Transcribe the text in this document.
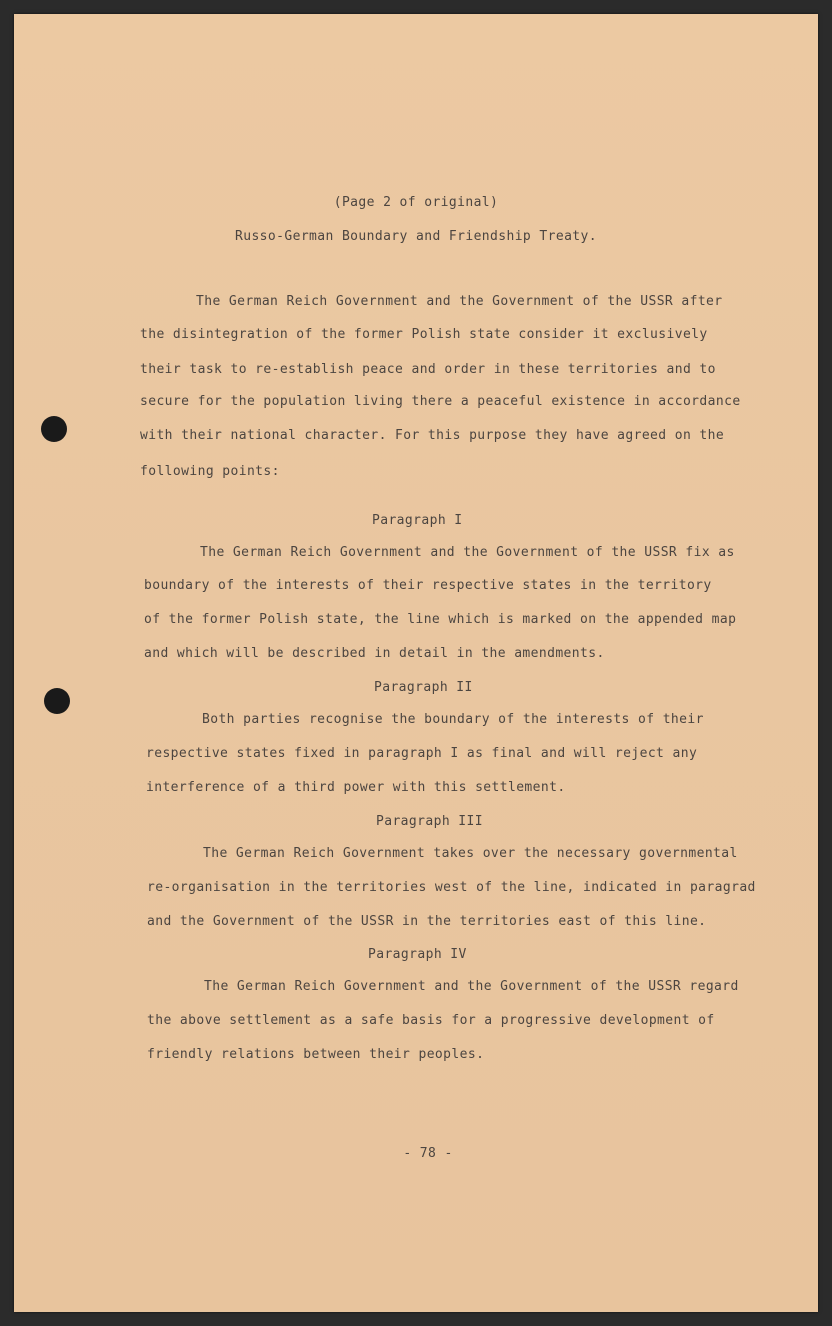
(Page 2 of original)
Russo-German Boundary and Friendship Treaty.
The German Reich Government and the Government of the USSR after
the disintegration of the former Polish state consider it exclusively
their task to re-establish peace and order in these territories and to
secure for the population living there a peaceful existence in accordance
with their national character. For this purpose they have agreed on the
following points:
Paragraph I
The German Reich Government and the Government of the USSR fix as
boundary of the interests of their respective states in the territory
of the former Polish state, the line which is marked on the appended map
and which will be described in detail in the amendments.
Paragraph II
Both parties recognise the boundary of the interests of their
respective states fixed in paragraph I as final and will reject any
interference of a third power with this settlement.
Paragraph III
The German Reich Government takes over the necessary governmental
re-organisation in the territories west of the line, indicated in paragrad
and the Government of the USSR in the territories east of this line.
Paragraph IV
The German Reich Government and the Government of the USSR regard
the above settlement as a safe basis for a progressive development of
friendly relations between their peoples.
- 78 -
